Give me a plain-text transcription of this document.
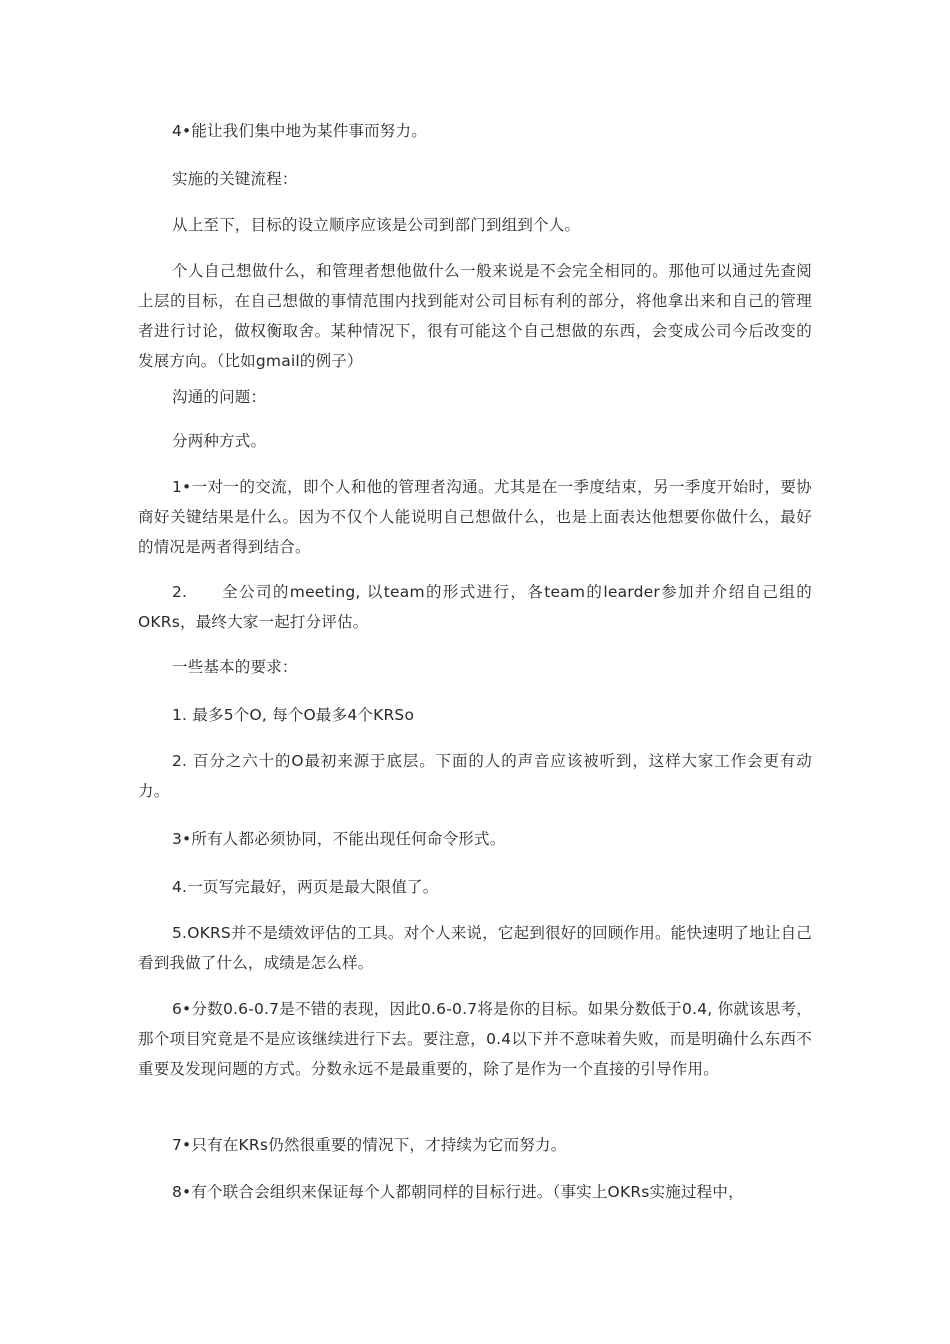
4•能让我们集中地为某件事而努力。

实施的关键流程：

从上至下，目标的设立顺序应该是公司到部门到组到个人。

个人自己想做什么，和管理者想他做什么一般来说是不会完全相同的。那他可以通过先查阅上层的目标，在自己想做的事情范围内找到能对公司目标有利的部分，将他拿出来和自己的管理者进行讨论，做权衡取舍。某种情况下，很有可能这个自己想做的东西，会变成公司今后改变的发展方向。（比如gmail的例子）

沟通的问题：

分两种方式。

1•一对一的交流，即个人和他的管理者沟通。尤其是在一季度结束，另一季度开始时，要协商好关键结果是什么。因为不仅个人能说明自己想做什么，也是上面表达他想要你做什么，最好的情况是两者得到结合。

2.　　全公司的meeting, 以team的形式进行，各team的learder参加并介绍自己组的OKRs，最终大家一起打分评估。

一些基本的要求：

1. 最多5个O, 每个O最多4个KRSo

2. 百分之六十的O最初来源于底层。下面的人的声音应该被听到，这样大家工作会更有动力。

3•所有人都必须协同，不能出现任何命令形式。

4.一页写完最好，两页是最大限值了。

5.OKRS并不是绩效评估的工具。对个人来说，它起到很好的回顾作用。能快速明了地让自己看到我做了什么，成绩是怎么样。

6•分数0.6-0.7是不错的表现，因此0.6-0.7将是你的目标。如果分数低于0.4, 你就该思考，那个项目究竟是不是应该继续进行下去。要注意，0.4以下并不意味着失败，而是明确什么东西不重要及发现问题的方式。分数永远不是最重要的，除了是作为一个直接的引导作用。

7•只有在KRs仍然很重要的情况下，才持续为它而努力。

8•有个联合会组织来保证每个人都朝同样的目标行进。（事实上OKRs实施过程中，
